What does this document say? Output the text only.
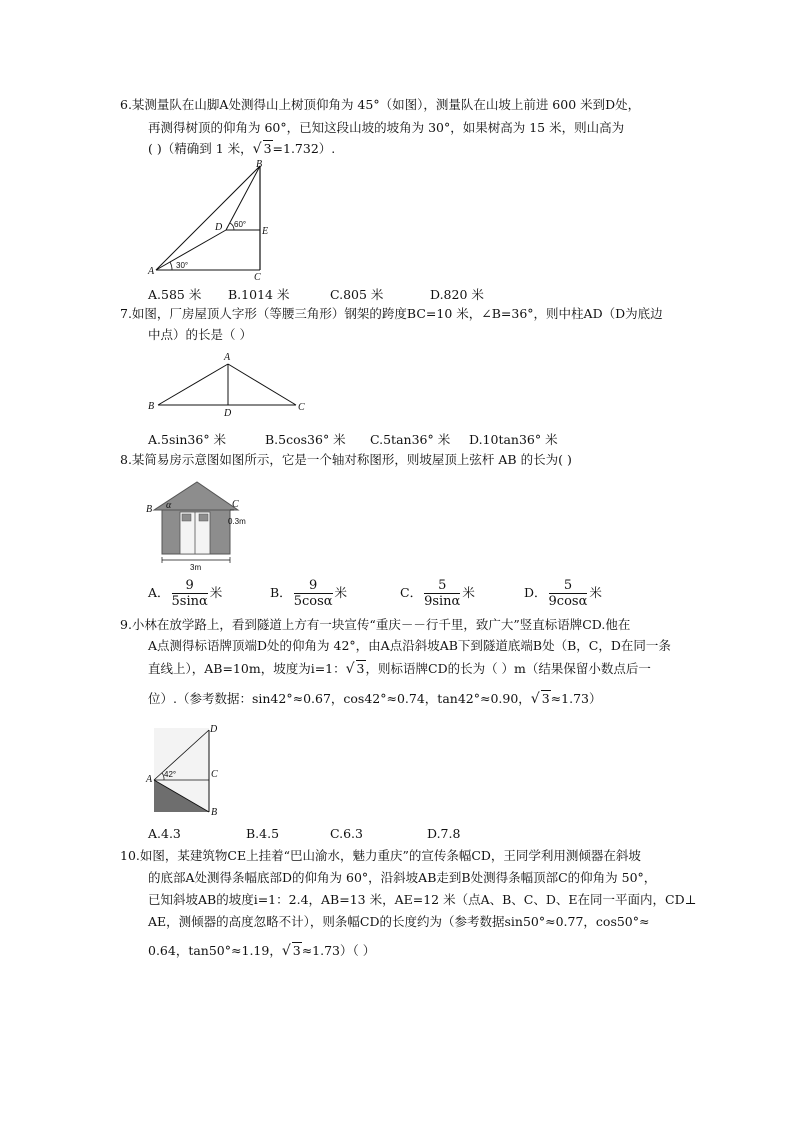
6.某测量队在山脚A处测得山上树顶仰角为 45°（如图），测量队在山坡上前进 600 米到D处，
再测得树顶的仰角为 60°，已知这段山坡的坡角为 30°，如果树高为 15 米，则山高为
( )（精确到 1 米，√ 3=1.732）.
B
D	E
A
C
60°
30°
A.585 米 B.1014 米	C.805 米	D.820 米
7.如图，厂房屋顶人字形（等腰三角形）钢架的跨度BC=10 米，∠B=36°，则中柱AD（D为底边
中点）的长是（ ）
A
B	C
D
A.5sin36° 米	B.5cos36° 米 C.5tan36° 米 D.10tan36° 米
8.某简易房示意图如图所示，它是一个轴对称图形，则坡屋顶上弦杆 AB 的长为( )
B	C
α
0.3m
3m
A． $\frac{9}{5\sin\alpha}$ 米	B． $\frac{9}{5\cos\alpha}$ 米	C． $\frac{5}{9\sin\alpha}$ 米	D． $\frac{5}{9\cos\alpha}$ 米
9.小林在放学路上，看到隧道上方有一块宣传“重庆－－行千里，致广大”竖直标语牌CD.他在
A点测得标语牌顶端D处的仰角为 42°，由A点沿斜坡AB下到隧道底端B处（B，C，D在同一条
直线上），AB=10m，坡度为i=1：√ 3，则标语牌CD的长为（ ）m（结果保留小数点后一
位）.（参考数据：sin42°≈0.67，cos42°≈0.74，tan42°≈0.90，√ 3≈1.73）
D
C
A
B
42°
A.4.3	B.4.5	C.6.3	D.7.8
10.如图，某建筑物CE上挂着“巴山渝水，魅力重庆”的宣传条幅CD，王同学利用测倾器在斜坡
的底部A处测得条幅底部D的仰角为 60°，沿斜坡AB走到B处测得条幅顶部C的仰角为 50°，
已知斜坡AB的坡度i=1：2.4，AB=13 米，AE=12 米（点A、B、C、D、E在同一平面内，CD⊥
AE，测倾器的高度忽略不计），则条幅CD的长度约为（参考数据sin50°≈0.77，cos50°≈
0.64，tan50°≈1.19，√ 3≈1.73）（ ）
